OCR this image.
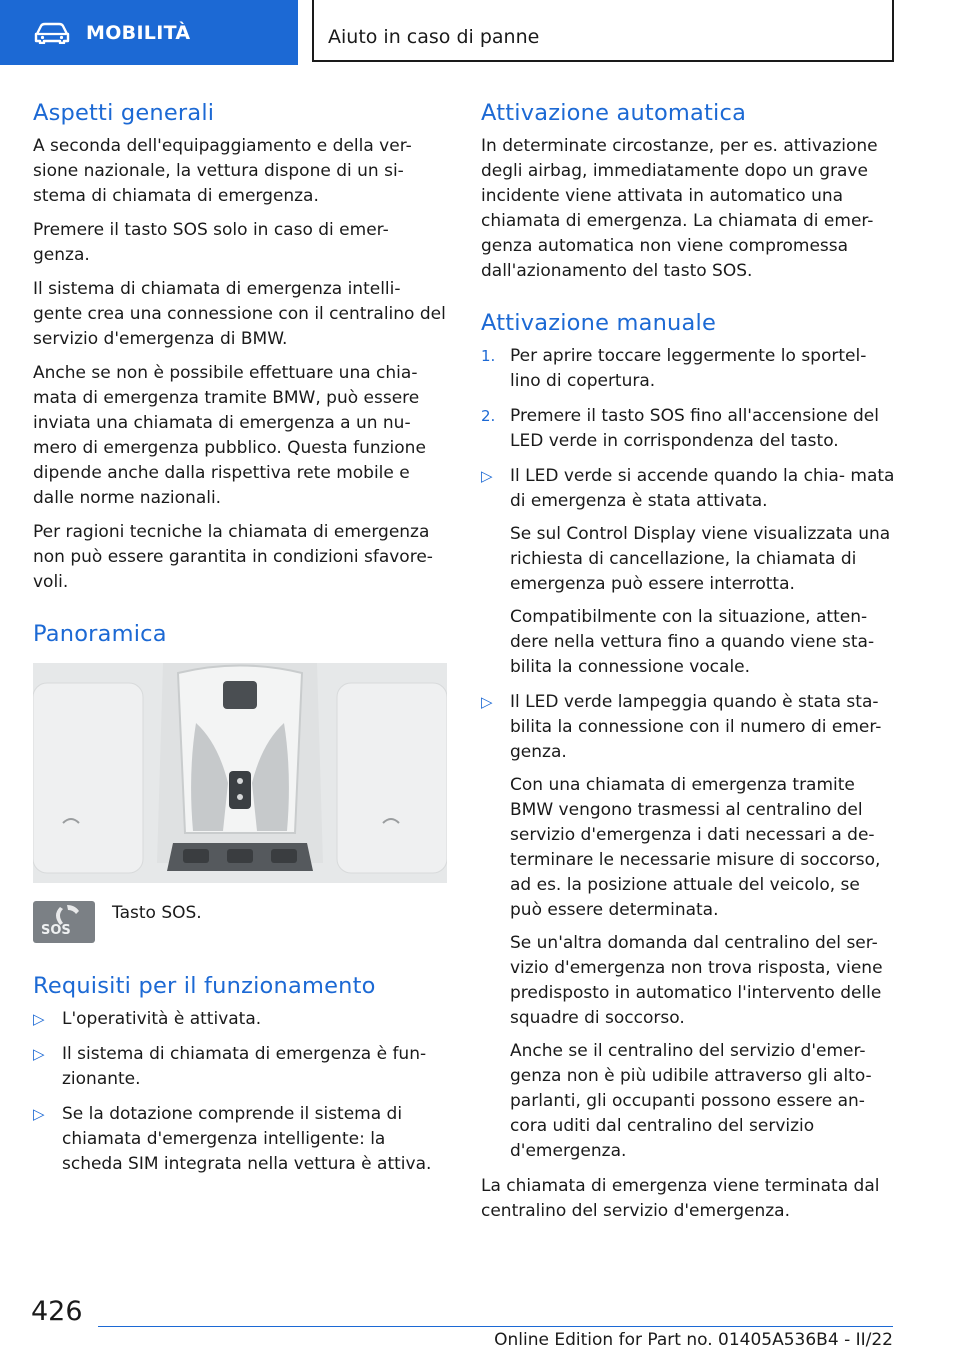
MOBILITÀ	Aiuto in caso di panne
Aspetti generali

A seconda dell'equipaggiamento e della ver- sione nazionale, la vettura dispone di un si- stema di chiamata di emergenza.

Premere il tasto SOS solo in caso di emer- genza.

Il sistema di chiamata di emergenza intelli- gente crea una connessione con il centralino del servizio d'emergenza di BMW.

Anche se non è possibile effettuare una chia- mata di emergenza tramite BMW, può essere inviata una chiamata di emergenza a un nu- mero di emergenza pubblico. Questa funzione dipende anche dalla rispettiva rete mobile e dalle norme nazionali.

Per ragioni tecniche la chiamata di emergenza non può essere garantita in condizioni sfavore- voli.

Panoramica
SOS

Tasto SOS.

Requisiti per il funzionamento
▷ L'operatività è attivata.
▷ Il sistema di chiamata di emergenza è fun- zionante.
▷ Se la dotazione comprende il sistema di chiamata d'emergenza intelligente: la scheda SIM integrata nella vettura è attiva.
Attivazione automatica

In determinate circostanze, per es. attivazione degli airbag, immediatamente dopo un grave incidente viene attivata in automatico una chiamata di emergenza. La chiamata di emer- genza automatica non viene compromessa dall'azionamento del tasto SOS.

Attivazione manuale
1. Per aprire toccare leggermente lo sportel- lino di copertura.
2. Premere il tasto SOS fino all'accensione del LED verde in corrispondenza del tasto.
▷ Il LED verde si accende quando la chia- mata di emergenza è stata attivata.

Se sul Control Display viene visualizzata una richiesta di cancellazione, la chiamata di emergenza può essere interrotta.

Compatibilmente con la situazione, atten- dere nella vettura fino a quando viene sta- bilita la connessione vocale.

▷ Il LED verde lampeggia quando è stata sta- bilita la connessione con il numero di emer- genza.

Con una chiamata di emergenza tramite BMW vengono trasmessi al centralino del servizio d'emergenza i dati necessari a de- terminare le necessarie misure di soccorso, ad es. la posizione attuale del veicolo, se può essere determinata.

Se un'altra domanda dal centralino del ser- vizio d'emergenza non trova risposta, viene predisposto in automatico l'intervento delle squadre di soccorso.

Anche se il centralino del servizio d'emer- genza non è più udibile attraverso gli alto- parlanti, gli occupanti possono essere an- cora uditi dal centralino del servizio d'emergenza.

La chiamata di emergenza viene terminata dal centralino del servizio d'emergenza.

426
Online Edition for Part no. 01405A536B4 - II/22
